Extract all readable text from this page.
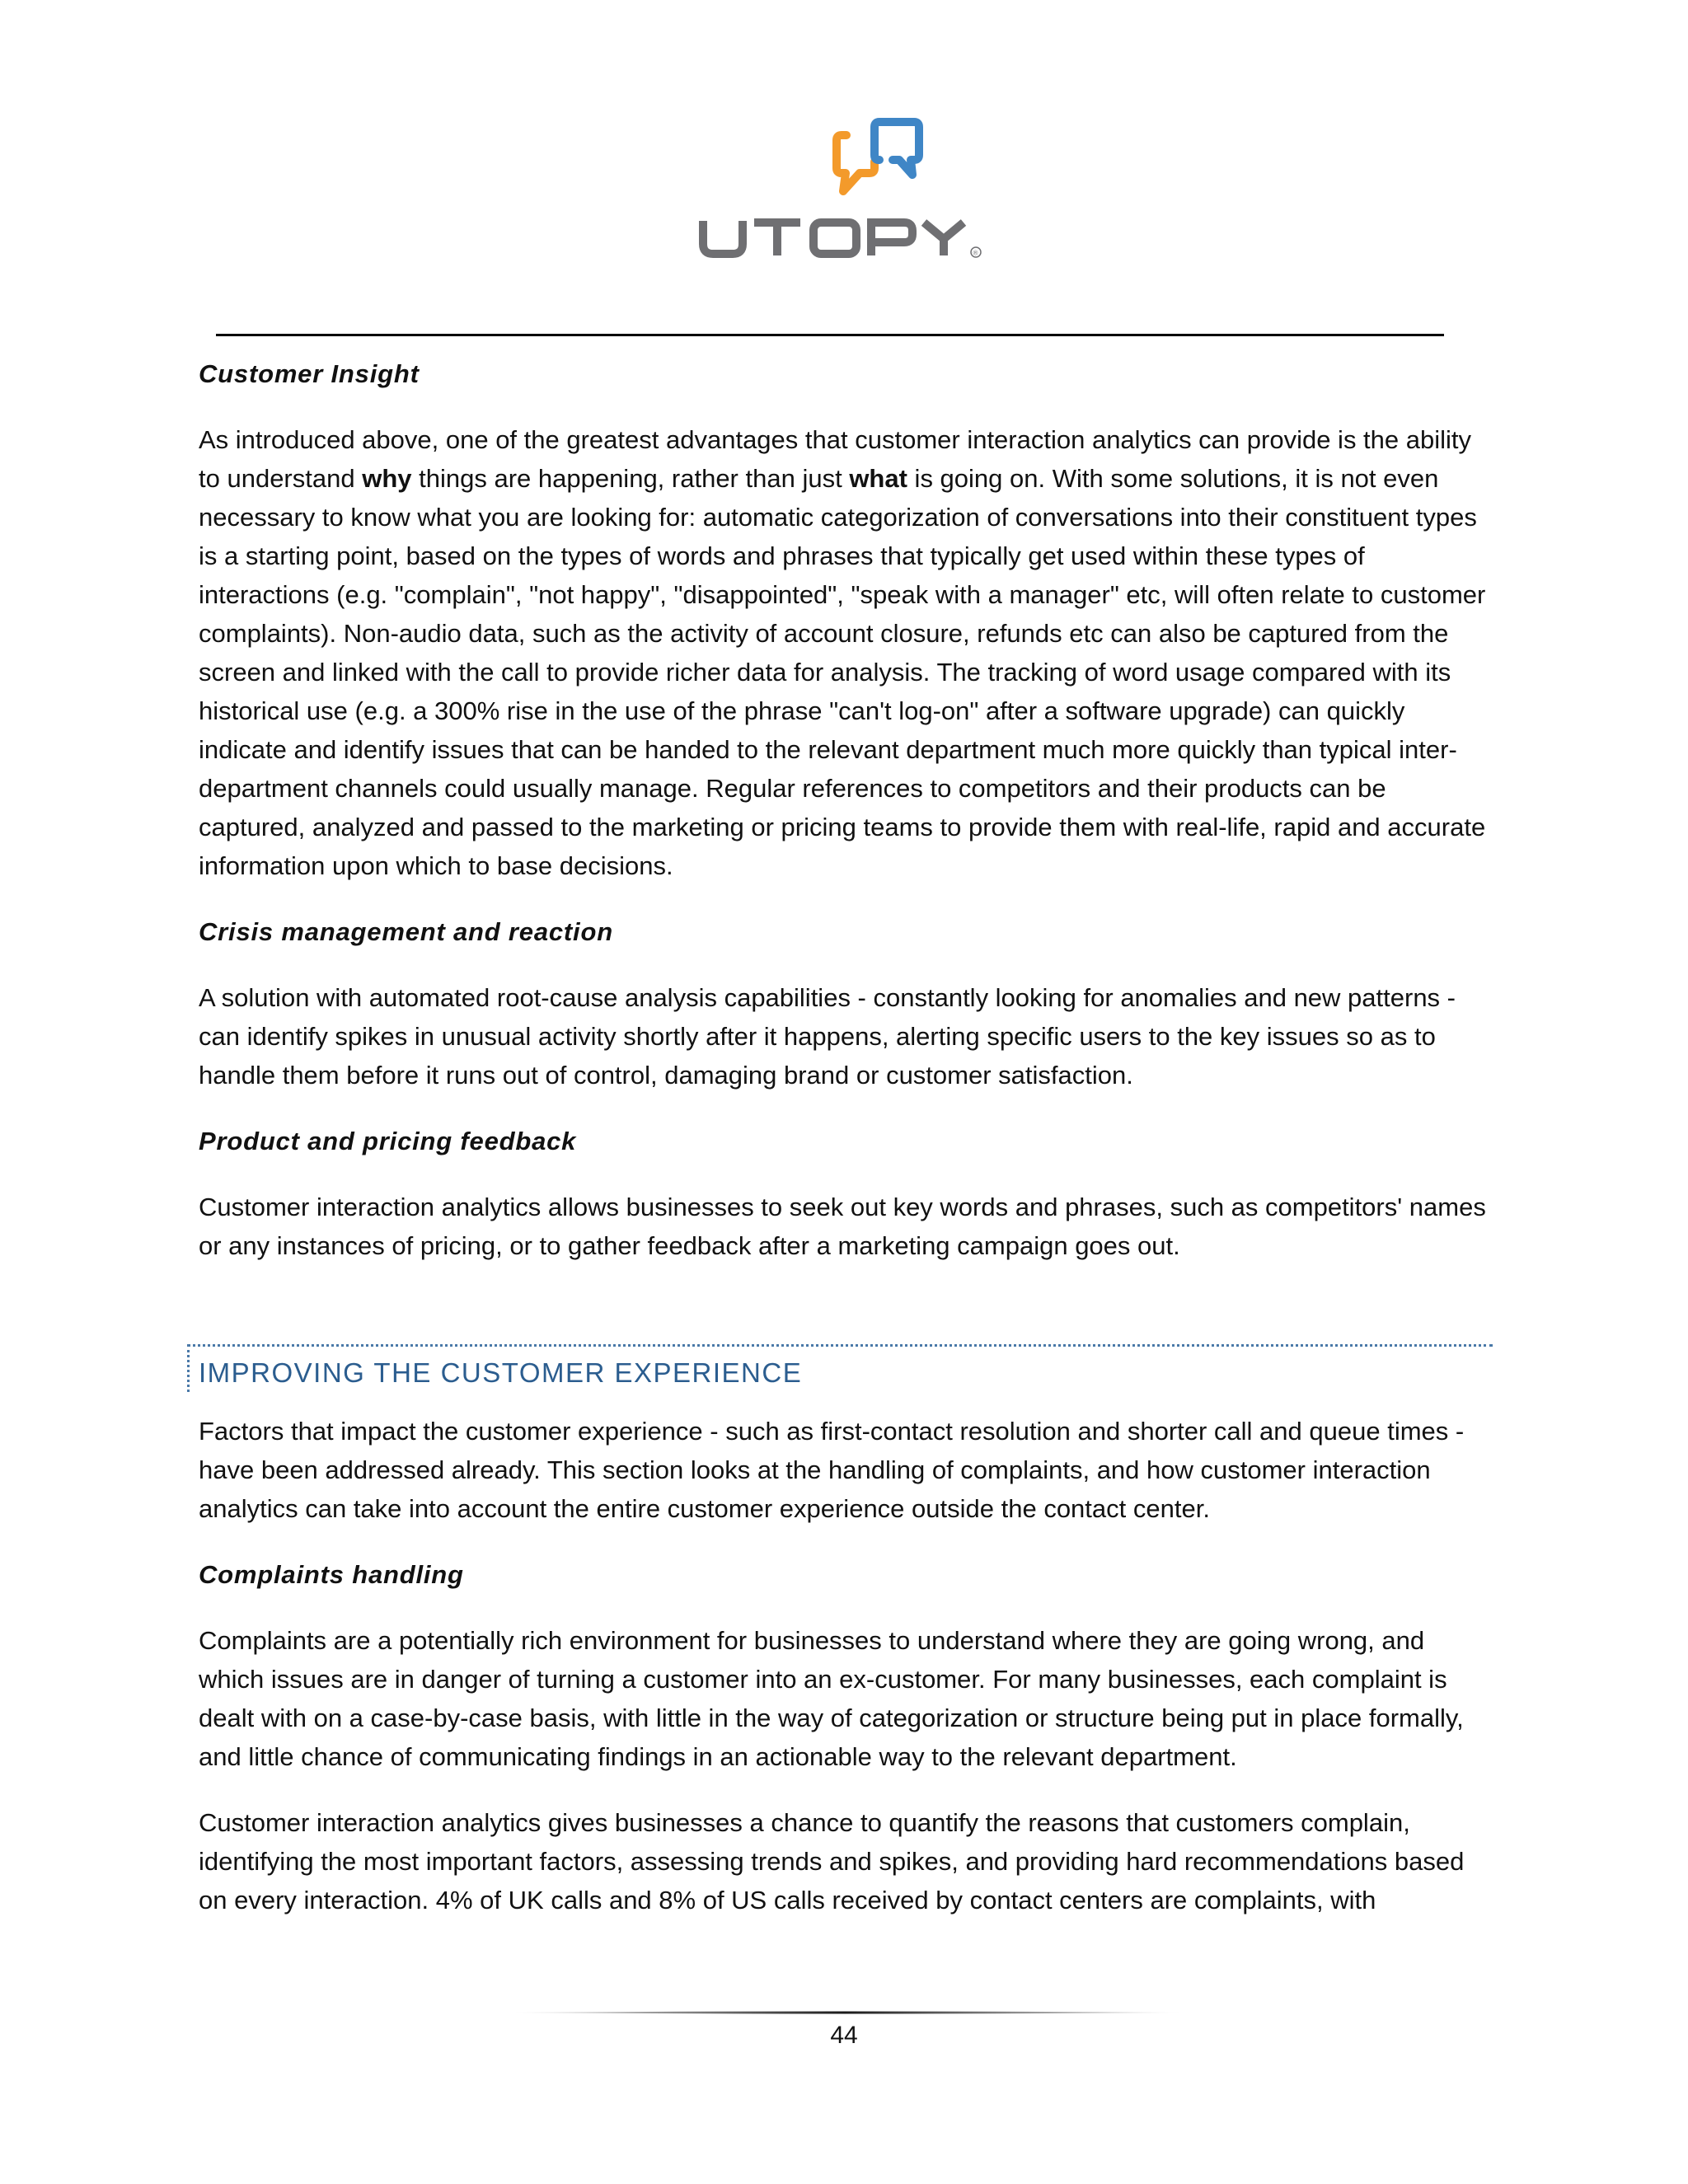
®
Customer Insight

As introduced above, one of the greatest advantages that customer interaction analytics can provide is the ability to understand why things are happening, rather than just what is going on. With some solutions, it is not even necessary to know what you are looking for: automatic categorization of conversations into their constituent types is a starting point, based on the types of words and phrases that typically get used within these types of interactions (e.g. "complain", "not happy", "disappointed", "speak with a manager" etc, will often relate to customer complaints). Non-audio data, such as the activity of account closure, refunds etc can also be captured from the screen and linked with the call to provide richer data for analysis. The tracking of word usage compared with its historical use (e.g. a 300% rise in the use of the phrase "can't log-on" after a software upgrade) can quickly indicate and identify issues that can be handed to the relevant department much more quickly than typical inter-department channels could usually manage. Regular references to competitors and their products can be captured, analyzed and passed to the marketing or pricing teams to provide them with real-life, rapid and accurate information upon which to base decisions.

Crisis management and reaction

A solution with automated root-cause analysis capabilities - constantly looking for anomalies and new patterns - can identify spikes in unusual activity shortly after it happens, alerting specific users to the key issues so as to handle them before it runs out of control, damaging brand or customer satisfaction.

Product and pricing feedback

Customer interaction analytics allows businesses to seek out key words and phrases, such as competitors' names or any instances of pricing, or to gather feedback after a marketing campaign goes out.

IMPROVING THE CUSTOMER EXPERIENCE

Factors that impact the customer experience - such as first-contact resolution and shorter call and queue times - have been addressed already. This section looks at the handling of complaints, and how customer interaction analytics can take into account the entire customer experience outside the contact center.

Complaints handling

Complaints are a potentially rich environment for businesses to understand where they are going wrong, and which issues are in danger of turning a customer into an ex-customer. For many businesses, each complaint is dealt with on a case-by-case basis, with little in the way of categorization or structure being put in place formally, and little chance of communicating findings in an actionable way to the relevant department.

Customer interaction analytics gives businesses a chance to quantify the reasons that customers complain, identifying the most important factors, assessing trends and spikes, and providing hard recommendations based on every interaction. 4% of UK calls and 8% of US calls received by contact centers are complaints, with

44
